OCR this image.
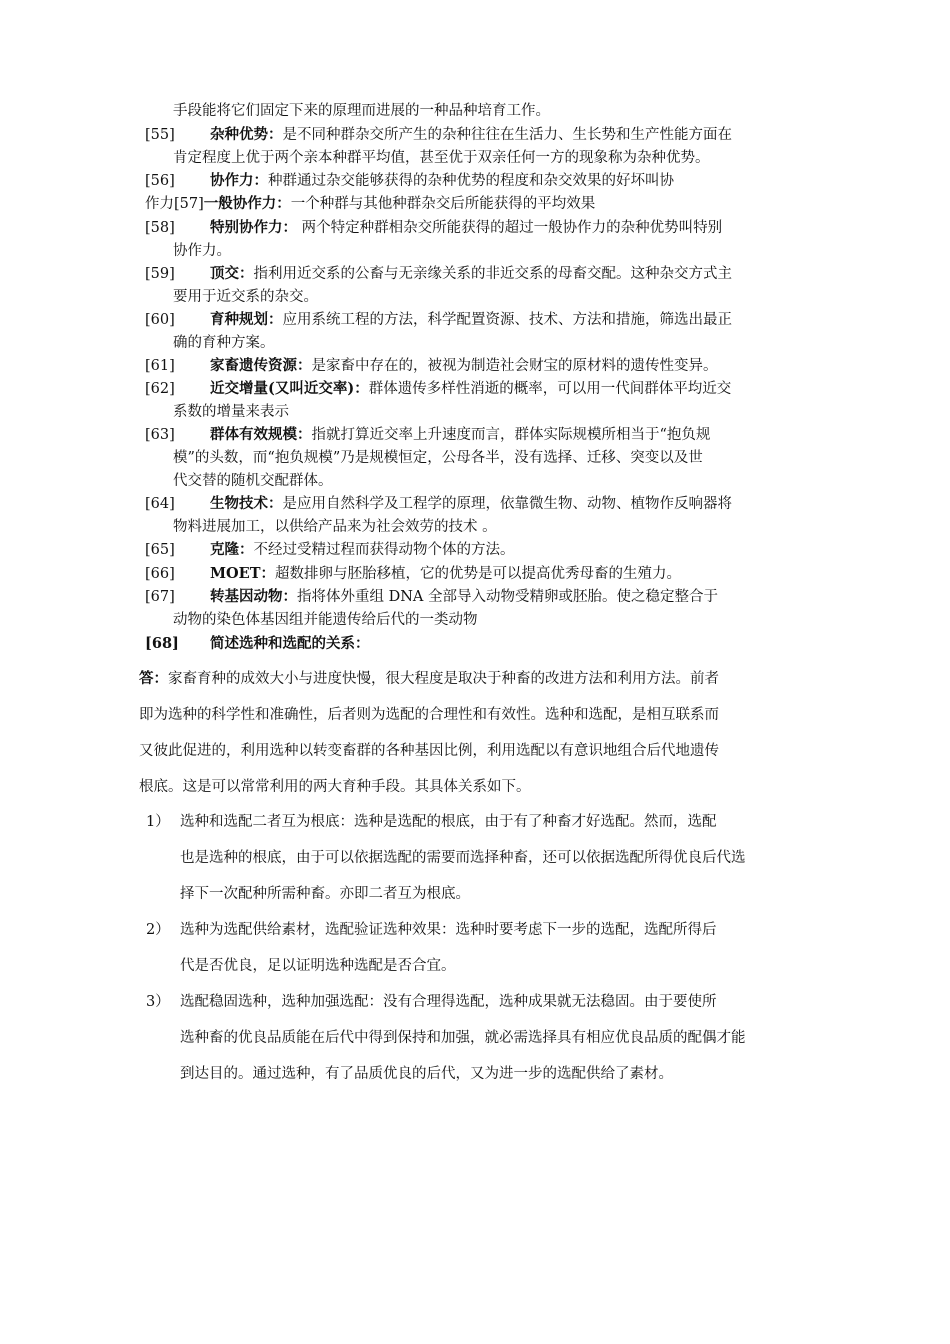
手段能将它们固定下来的原理而进展的一种品种培育工作。
[55] 杂种优势：是不同种群杂交所产生的杂种往往在生活力、生长势和生产性能方面在
肯定程度上优于两个亲本种群平均值，甚至优于双亲任何一方的现象称为杂种优势。
[56] 协作力：种群通过杂交能够获得的杂种优势的程度和杂交效果的好坏叫协
作力[57]一般协作力：一个种群与其他种群杂交后所能获得的平均效果
[58] 特别协作力： 两个特定种群相杂交所能获得的超过一般协作力的杂种优势叫特别
协作力。
[59] 顶交：指利用近交系的公畜与无亲缘关系的非近交系的母畜交配。这种杂交方式主
要用于近交系的杂交。
[60] 育种规划：应用系统工程的方法，科学配置资源、技术、方法和措施，筛选出最正
确的育种方案。
[61] 家畜遗传资源：是家畜中存在的，被视为制造社会财宝的原材料的遗传性变异。
[62] 近交增量(又叫近交率)：群体遗传多样性消逝的概率，可以用一代间群体平均近交
系数的增量来表示
[63] 群体有效规模：指就打算近交率上升速度而言，群体实际规模所相当于“抱负规
模”的头数，而“抱负规模”乃是规模恒定，公母各半，没有选择、迁移、突变以及世
代交替的随机交配群体。
[64] 生物技术：是应用自然科学及工程学的原理，依靠微生物、动物、植物作反响器将
物料进展加工，以供给产品来为社会效劳的技术 。
[65] 克隆：不经过受精过程而获得动物个体的方法。
[66] MOET：超数排卵与胚胎移植，它的优势是可以提高优秀母畜的生殖力。
[67] 转基因动物：指将体外重组 DNA 全部导入动物受精卵或胚胎。使之稳定整合于
动物的染色体基因组并能遗传给后代的一类动物
[68] 简述选种和选配的关系：
答：家畜育种的成效大小与进度快慢，很大程度是取决于种畜的改进方法和利用方法。前者
即为选种的科学性和准确性，后者则为选配的合理性和有效性。选种和选配，是相互联系而
又彼此促进的，利用选种以转变畜群的各种基因比例，利用选配以有意识地组合后代地遗传
根底。这是可以常常利用的两大育种手段。其具体关系如下。
1） 选种和选配二者互为根底：选种是选配的根底，由于有了种畜才好选配。然而，选配
也是选种的根底，由于可以依据选配的需要而选择种畜，还可以依据选配所得优良后代选
择下一次配种所需种畜。亦即二者互为根底。
2） 选种为选配供给素材，选配验证选种效果：选种时要考虑下一步的选配，选配所得后
代是否优良，足以证明选种选配是否合宜。
3） 选配稳固选种，选种加强选配：没有合理得选配，选种成果就无法稳固。由于要使所
选种畜的优良品质能在后代中得到保持和加强，就必需选择具有相应优良品质的配偶才能
到达目的。通过选种，有了品质优良的后代，又为进一步的选配供给了素材。
